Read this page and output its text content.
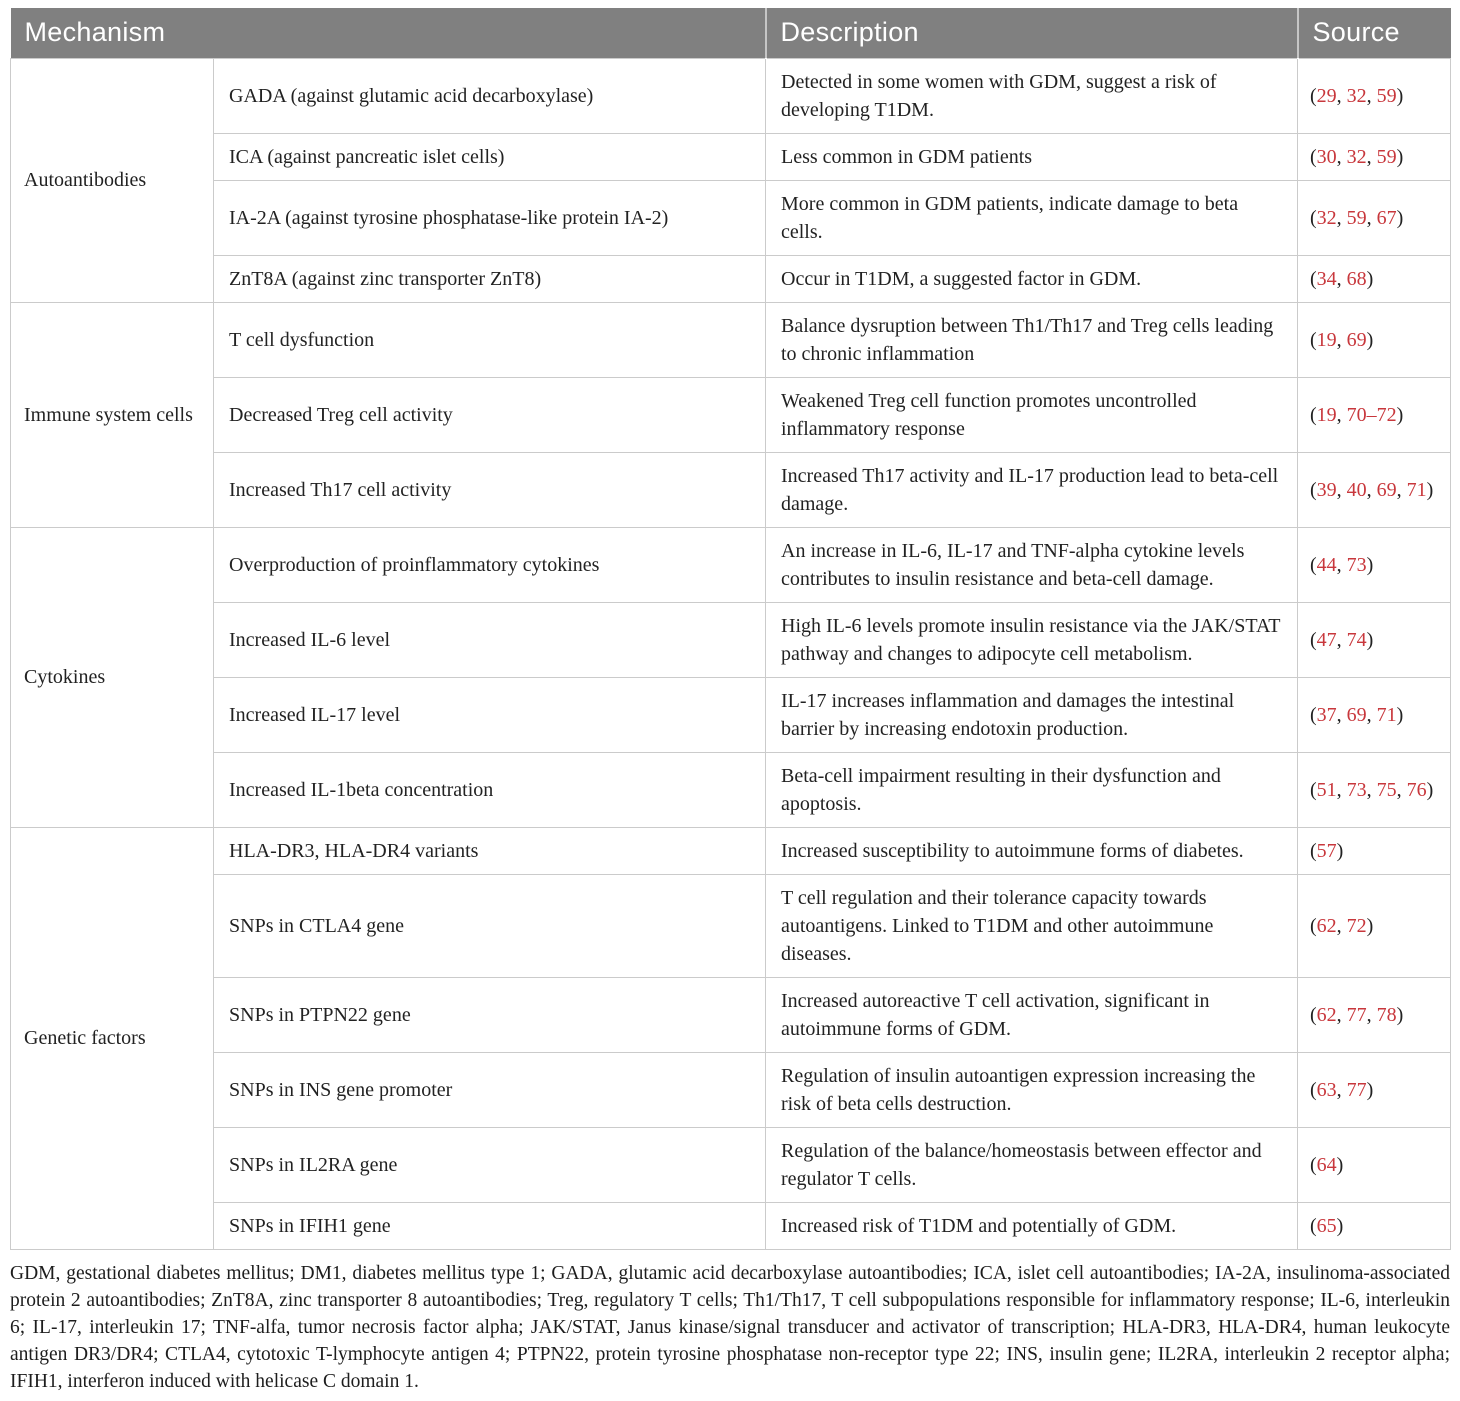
Mechanism		Description	Source
Autoantibodies	GADA (against glutamic acid decarboxylase)	Detected in some women with GDM, suggest a risk of developing T1DM.	(29, 32, 59)
	ICA (against pancreatic islet cells)	Less common in GDM patients	(30, 32, 59)
	IA-2A (against tyrosine phosphatase-like protein IA-2)	More common in GDM patients, indicate damage to beta cells.	(32, 59, 67)
	ZnT8A (against zinc transporter ZnT8)	Occur in T1DM, a suggested factor in GDM.	(34, 68)
Immune system cells	T cell dysfunction	Balance dysruption between Th1/Th17 and Treg cells leading to chronic inflammation	(19, 69)
	Decreased Treg cell activity	Weakened Treg cell function promotes uncontrolled inflammatory response	(19, 70–72)
	Increased Th17 cell activity	Increased Th17 activity and IL-17 production lead to beta-cell damage.	(39, 40, 69, 71)
Cytokines	Overproduction of proinflammatory cytokines	An increase in IL-6, IL-17 and TNF-alpha cytokine levels contributes to insulin resistance and beta-cell damage.	(44, 73)
	Increased IL-6 level	High IL-6 levels promote insulin resistance via the JAK/STAT pathway and changes to adipocyte cell metabolism.	(47, 74)
	Increased IL-17 level	IL-17 increases inflammation and damages the intestinal barrier by increasing endotoxin production.	(37, 69, 71)
	Increased IL-1beta concentration	Beta-cell impairment resulting in their dysfunction and apoptosis.	(51, 73, 75, 76)
Genetic factors	HLA-DR3, HLA-DR4 variants	Increased susceptibility to autoimmune forms of diabetes.	(57)
	SNPs in CTLA4 gene	T cell regulation and their tolerance capacity towards autoantigens. Linked to T1DM and other autoimmune diseases.	(62, 72)
	SNPs in PTPN22 gene	Increased autoreactive T cell activation, significant in autoimmune forms of GDM.	(62, 77, 78)
	SNPs in INS gene promoter	Regulation of insulin autoantigen expression increasing the risk of beta cells destruction.	(63, 77)
	SNPs in IL2RA gene	Regulation of the balance/homeostasis between effector and regulator T cells.	(64)
	SNPs in IFIH1 gene	Increased risk of T1DM and potentially of GDM.	(65)

GDM, gestational diabetes mellitus; DM1, diabetes mellitus type 1; GADA, glutamic acid decarboxylase autoantibodies; ICA, islet cell autoantibodies; IA-2A, insulinoma-associated protein 2 autoantibodies; ZnT8A, zinc transporter 8 autoantibodies; Treg, regulatory T cells; Th1/Th17, T cell subpopulations responsible for inflammatory response; IL-6, interleukin 6; IL-17, interleukin 17; TNF-alfa, tumor necrosis factor alpha; JAK/STAT, Janus kinase/signal transducer and activator of transcription; HLA-DR3, HLA-DR4, human leukocyte antigen DR3/DR4; CTLA4, cytotoxic T-lymphocyte antigen 4; PTPN22, protein tyrosine phosphatase non-receptor type 22; INS, insulin gene; IL2RA, interleukin 2 receptor alpha; IFIH1, interferon induced with helicase C domain 1.
